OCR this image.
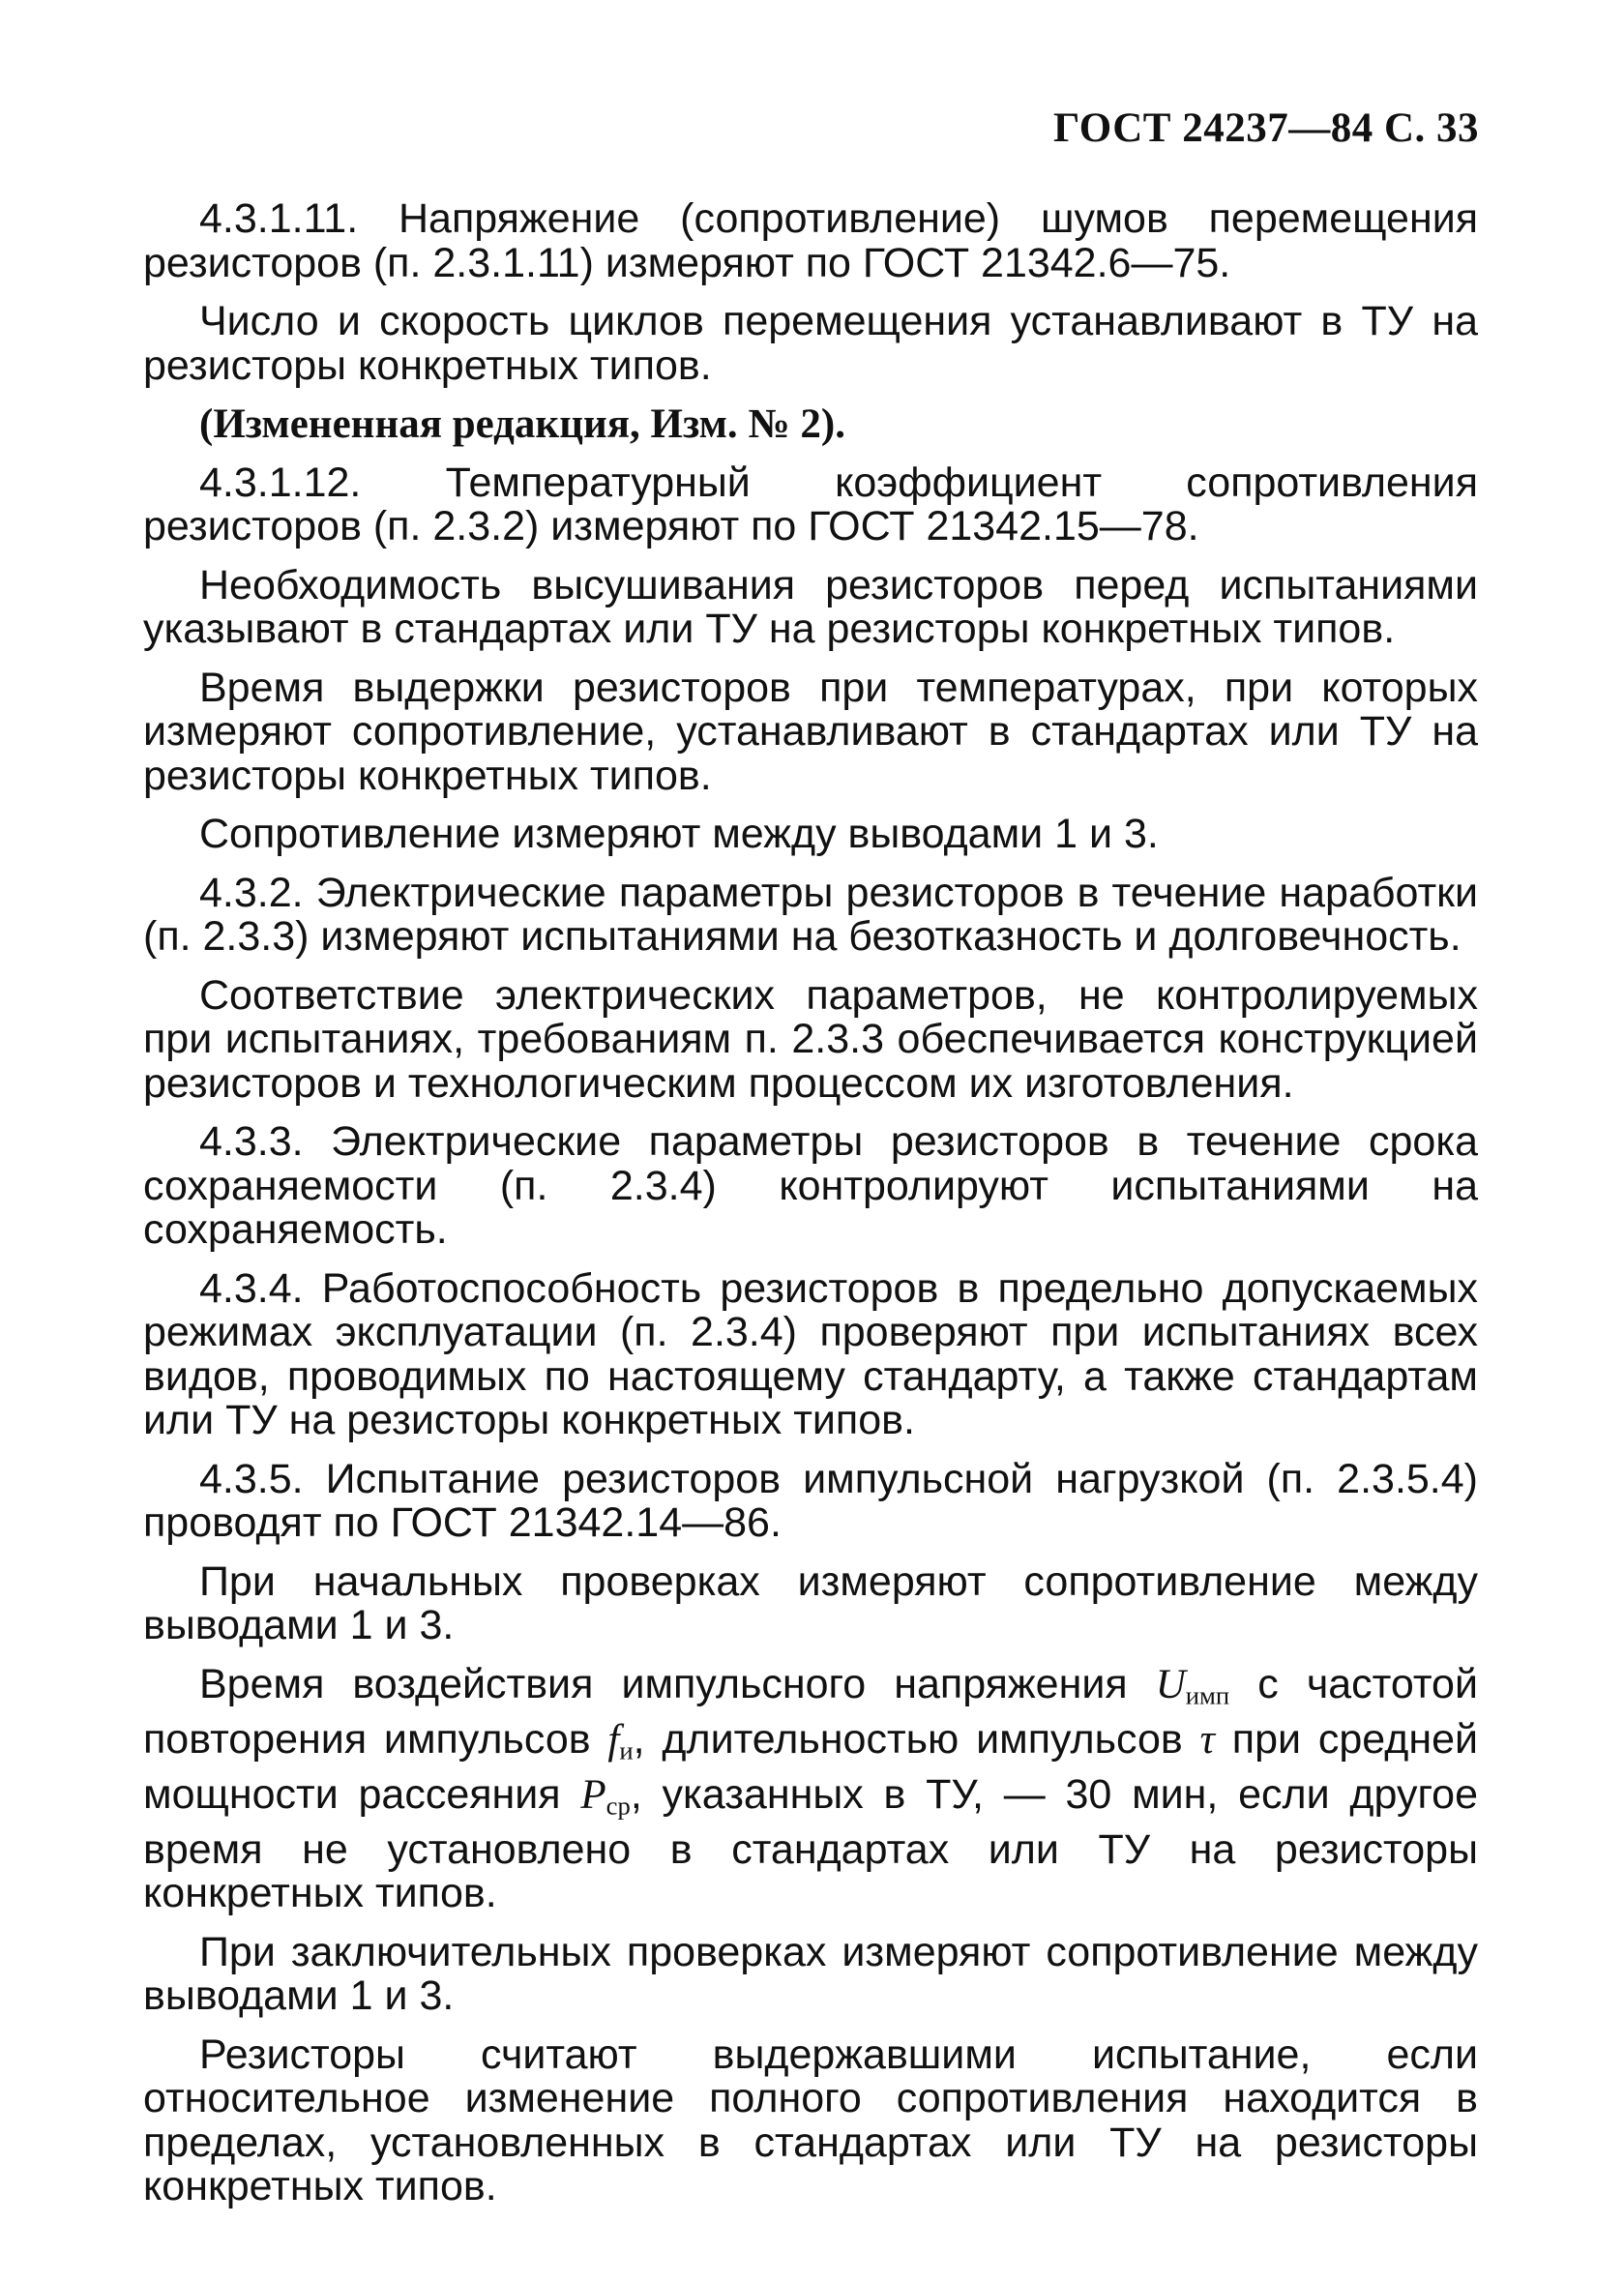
ГОСТ 24237—84 С. 33

4.3.1.11. Напряжение (сопротивление) шумов перемещения резисторов (п. 2.3.1.11) измеряют по ГОСТ 21342.6—75.

Число и скорость циклов перемещения устанавливают в ТУ на резисторы конкретных типов.

(Измененная редакция, Изм. № 2).

4.3.1.12. Температурный коэффициент сопротивления резисторов (п. 2.3.2) измеряют по ГОСТ 21342.15—78.

Необходимость высушивания резисторов перед испытаниями указывают в стандартах или ТУ на резисторы конкретных типов.

Время выдержки резисторов при температурах, при которых измеряют сопротивление, устанавливают в стандартах или ТУ на резисторы конкретных типов.

Сопротивление измеряют между выводами 1 и 3.

4.3.2. Электрические параметры резисторов в течение наработки (п. 2.3.3) измеряют испытаниями на безотказность и долговечность.

Соответствие электрических параметров, не контролируемых при испытаниях, требованиям п. 2.3.3 обеспечивается конструкцией резисторов и технологическим процессом их изготовления.

4.3.3. Электрические параметры резисторов в течение срока сохраняемости (п. 2.3.4) контролируют испытаниями на сохраняемость.

4.3.4. Работоспособность резисторов в предельно допускаемых режимах эксплуатации (п. 2.3.4) проверяют при испытаниях всех видов, проводимых по настоящему стандарту, а также стандартам или ТУ на резисторы конкретных типов.

4.3.5. Испытание резисторов импульсной нагрузкой (п. 2.3.5.4) проводят по ГОСТ 21342.14—86.

При начальных проверках измеряют сопротивление между выводами 1 и 3.

Время воздействия импульсного напряжения $U_{имп}$ с частотой повторения импульсов $f_и$, длительностью импульсов τ при средней мощности рассеяния $P_{ср}$, указанных в ТУ, — 30 мин, если другое время не установлено в стандартах или ТУ на резисторы конкретных типов.

При заключительных проверках измеряют сопротивление между выводами 1 и 3.

Резисторы считают выдержавшими испытание, если относительное изменение полного сопротивления находится в пределах, установленных в стандартах или ТУ на резисторы конкретных типов.
